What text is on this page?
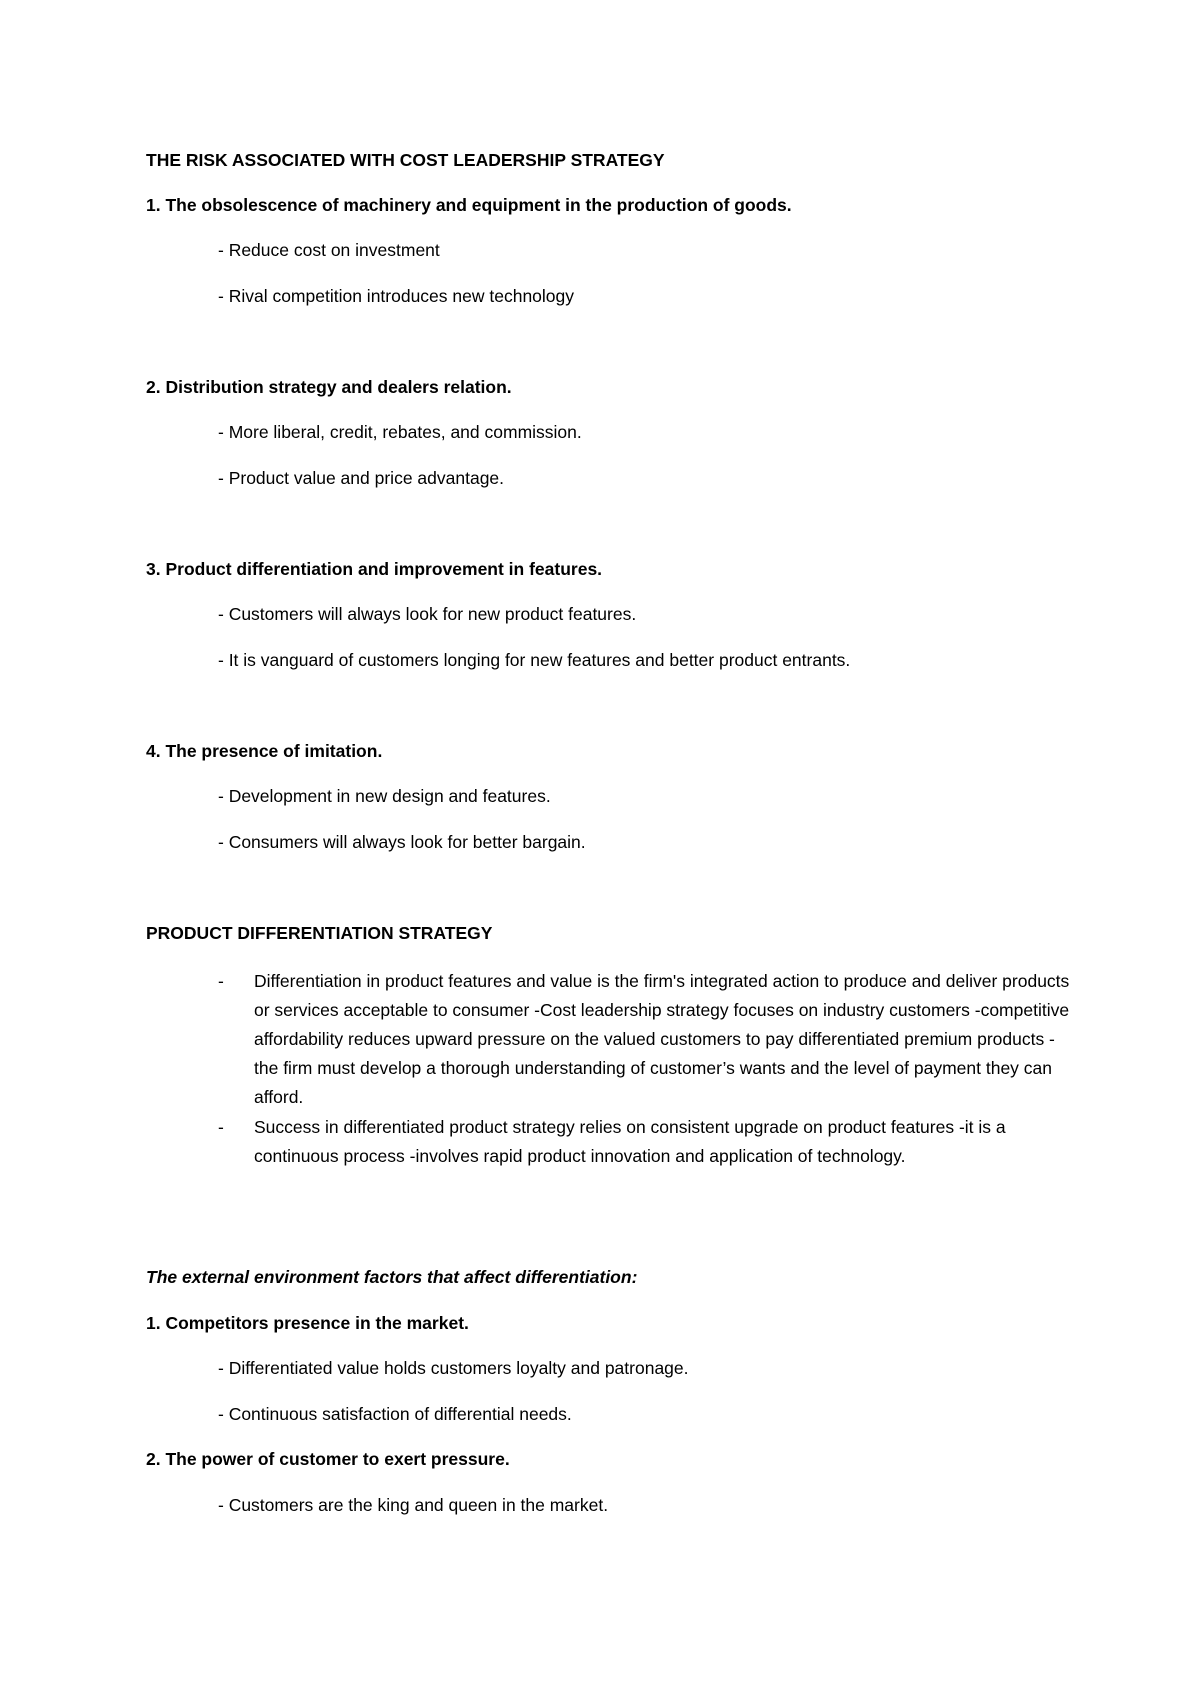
THE RISK ASSOCIATED WITH COST LEADERSHIP STRATEGY

1. The obsolescence of machinery and equipment in the production of goods.

- Reduce cost on investment

- Rival competition introduces new technology

2. Distribution strategy and dealers relation.

- More liberal, credit, rebates, and commission.

- Product value and price advantage.

3. Product differentiation and improvement in features.

- Customers will always look for new product features.

- It is vanguard of customers longing for new features and better product entrants.

4. The presence of imitation.

- Development in new design and features.

- Consumers will always look for better bargain.

PRODUCT DIFFERENTIATION STRATEGY

- Differentiation in product features and value is the firm's integrated action to produce and deliver products or services acceptable to consumer -Cost leadership strategy focuses on industry customers -competitive affordability reduces upward pressure on the valued customers to pay differentiated premium products - the firm must develop a thorough understanding of customer’s wants and the level of payment they can afford.

- Success in differentiated product strategy relies on consistent upgrade on product features -it is a continuous process -involves rapid product innovation and application of technology.

The external environment factors that affect differentiation:

1. Competitors presence in the market.

- Differentiated value holds customers loyalty and patronage.

- Continuous satisfaction of differential needs.

2. The power of customer to exert pressure.

- Customers are the king and queen in the market.
